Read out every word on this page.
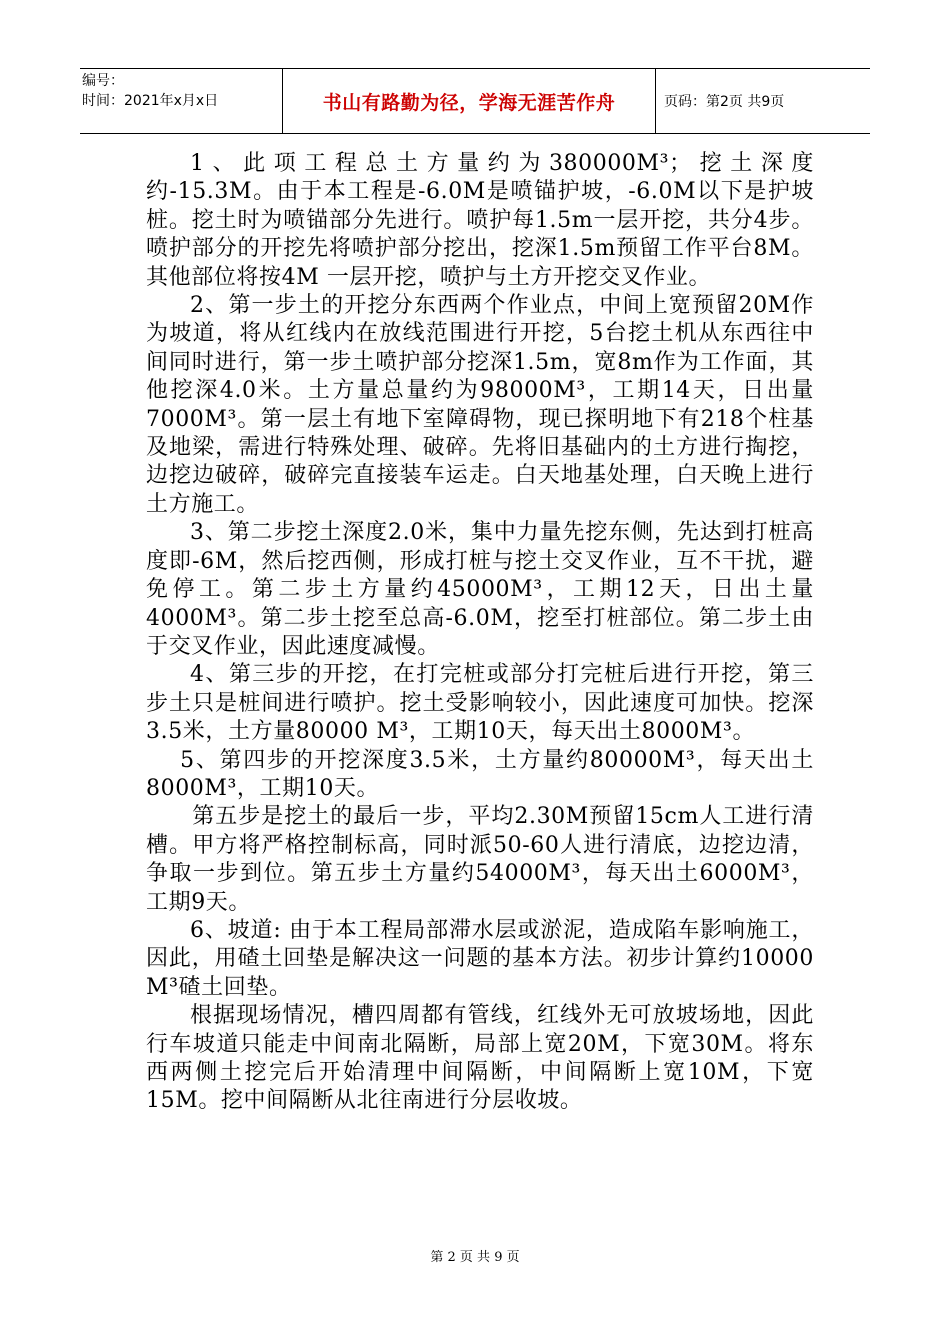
编号：
时间：2021年x月x日	书山有路勤为径，学海无涯苦作舟	页码：第2页 共9页

1、此项工程总土方量约为380000M³；挖土深度约-15.3M。由于本工程是-6.0M是喷锚护坡，-6.0M以下是护坡桩。挖土时为喷锚部分先进行。喷护每1.5m一层开挖，共分4步。喷护部分的开挖先将喷护部分挖出，挖深1.5m预留工作平台8M。其他部位将按4M 一层开挖，喷护与土方开挖交叉作业。

2、第一步土的开挖分东西两个作业点，中间上宽预留20M作为坡道，将从红线内在放线范围进行开挖，5台挖土机从东西往中间同时进行，第一步土喷护部分挖深1.5m，宽8m作为工作面，其他挖深4.0米。土方量总量约为98000M³，工期14天，日出量7000M³。第一层土有地下室障碍物，现已探明地下有218个柱基及地梁，需进行特殊处理、破碎。先将旧基础内的土方进行掏挖，边挖边破碎，破碎完直接装车运走。白天地基处理，白天晚上进行土方施工。

3、第二步挖土深度2.0米，集中力量先挖东侧，先达到打桩高度即-6M，然后挖西侧，形成打桩与挖土交叉作业，互不干扰，避免停工。第二步土方量约45000M³，工期12天，日出土量4000M³。第二步土挖至总高-6.0M，挖至打桩部位。第二步土由于交叉作业，因此速度减慢。

4、第三步的开挖，在打完桩或部分打完桩后进行开挖，第三步土只是桩间进行喷护。挖土受影响较小，因此速度可加快。挖深3.5米，土方量80000 M³，工期10天，每天出土8000M³。

5、第四步的开挖深度3.5米，土方量约80000M³，每天出土8000M³，工期10天。

第五步是挖土的最后一步，平均2.30M预留15cm人工进行清槽。甲方将严格控制标高，同时派50-60人进行清底，边挖边清，争取一步到位。第五步土方量约54000M³，每天出土6000M³，工期9天。

6、坡道: 由于本工程局部滞水层或淤泥，造成陷车影响施工，因此，用碴土回垫是解决这一问题的基本方法。初步计算约10000 M³碴土回垫。

根据现场情况，槽四周都有管线，红线外无可放坡场地，因此行车坡道只能走中间南北隔断，局部上宽20M，下宽30M。将东西两侧土挖完后开始清理中间隔断，中间隔断上宽10M，下宽15M。挖中间隔断从北往南进行分层收坡。

第 2 页 共 9 页
